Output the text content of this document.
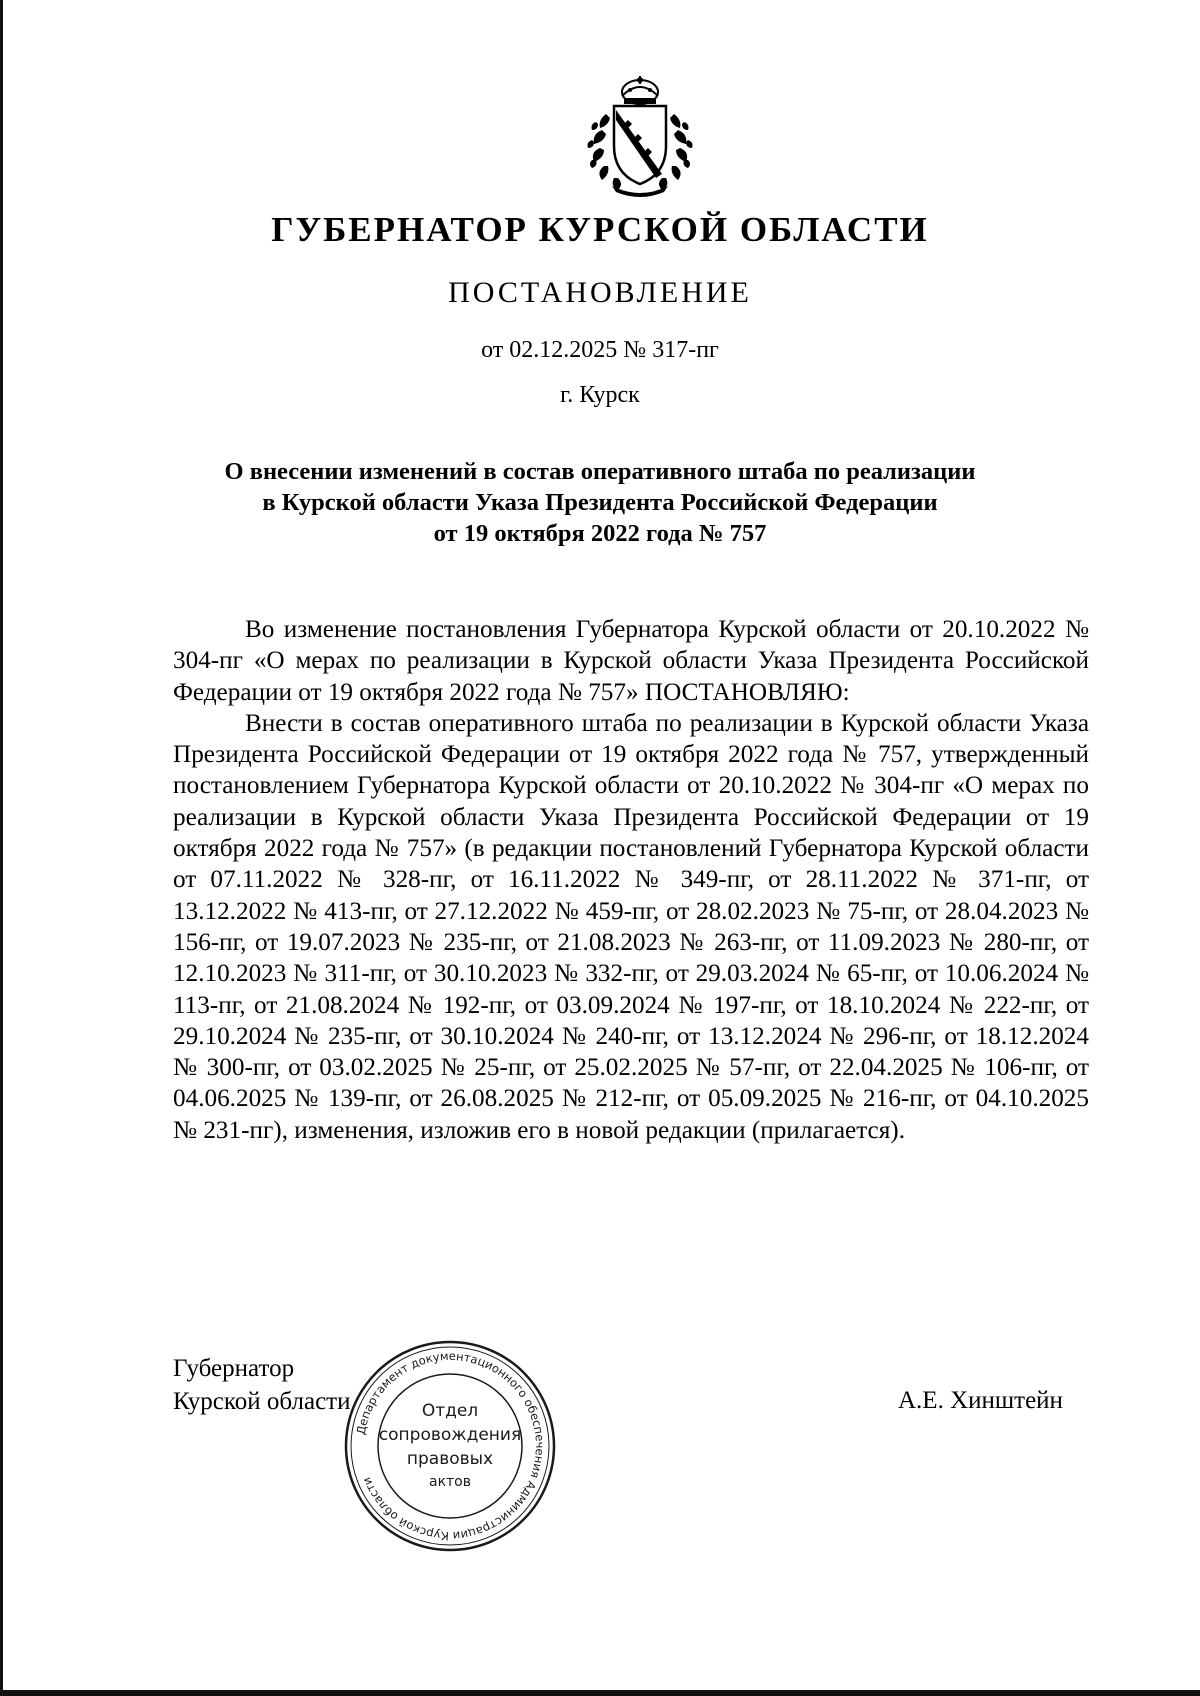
ГУБЕРНАТОР КУРСКОЙ ОБЛАСТИ
ПОСТАНОВЛЕНИЕ
от 02.12.2025 № 317-пг
г. Курск
О внесении изменений в состав оперативного штаба по реализации
в Курской области Указа Президента Российской Федерации
от 19 октября 2022 года № 757

Во изменение постановления Губернатора Курской области от 20.10.2022 № 304-пг «О мерах по реализации в Курской области Указа Президента Российской Федерации от 19 октября 2022 года № 757» ПОСТАНОВЛЯЮ:

Внести в состав оперативного штаба по реализации в Курской области Указа Президента Российской Федерации от 19 октября 2022 года № 757, утвержденный постановлением Губернатора Курской области от 20.10.2022 № 304-пг «О мерах по реализации в Курской области Указа Президента Российской Федерации от 19 октября 2022 года № 757» (в редакции постановлений Губернатора Курской области от 07.11.2022 № 328-пг, от 16.11.2022 № 349-пг, от 28.11.2022 № 371-пг, от 13.12.2022 № 413-пг, от 27.12.2022 № 459-пг, от 28.02.2023 № 75-пг, от 28.04.2023 № 156-пг, от 19.07.2023 № 235-пг, от 21.08.2023 № 263-пг, от 11.09.2023 № 280-пг, от 12.10.2023 № 311-пг, от 30.10.2023 № 332-пг, от 29.03.2024 № 65-пг, от 10.06.2024 № 113-пг, от 21.08.2024 № 192-пг, от 03.09.2024 № 197-пг, от 18.10.2024 № 222-пг, от 29.10.2024 № 235-пг, от 30.10.2024 № 240-пг, от 13.12.2024 № 296-пг, от 18.12.2024 № 300-пг, от 03.02.2025 № 25-пг, от 25.02.2025 № 57-пг, от 22.04.2025 № 106-пг, от 04.06.2025 № 139-пг, от 26.08.2025 № 212-пг, от 05.09.2025 № 216-пг, от 04.10.2025 № 231-пг), изменения, изложив его в новой редакции (прилагается).

Губернатор
Курской области	А.Е. Хинштейн
Департамент документационного обеспечения Администрации Курской области
Отдел
сопровождения
правовых
актов
